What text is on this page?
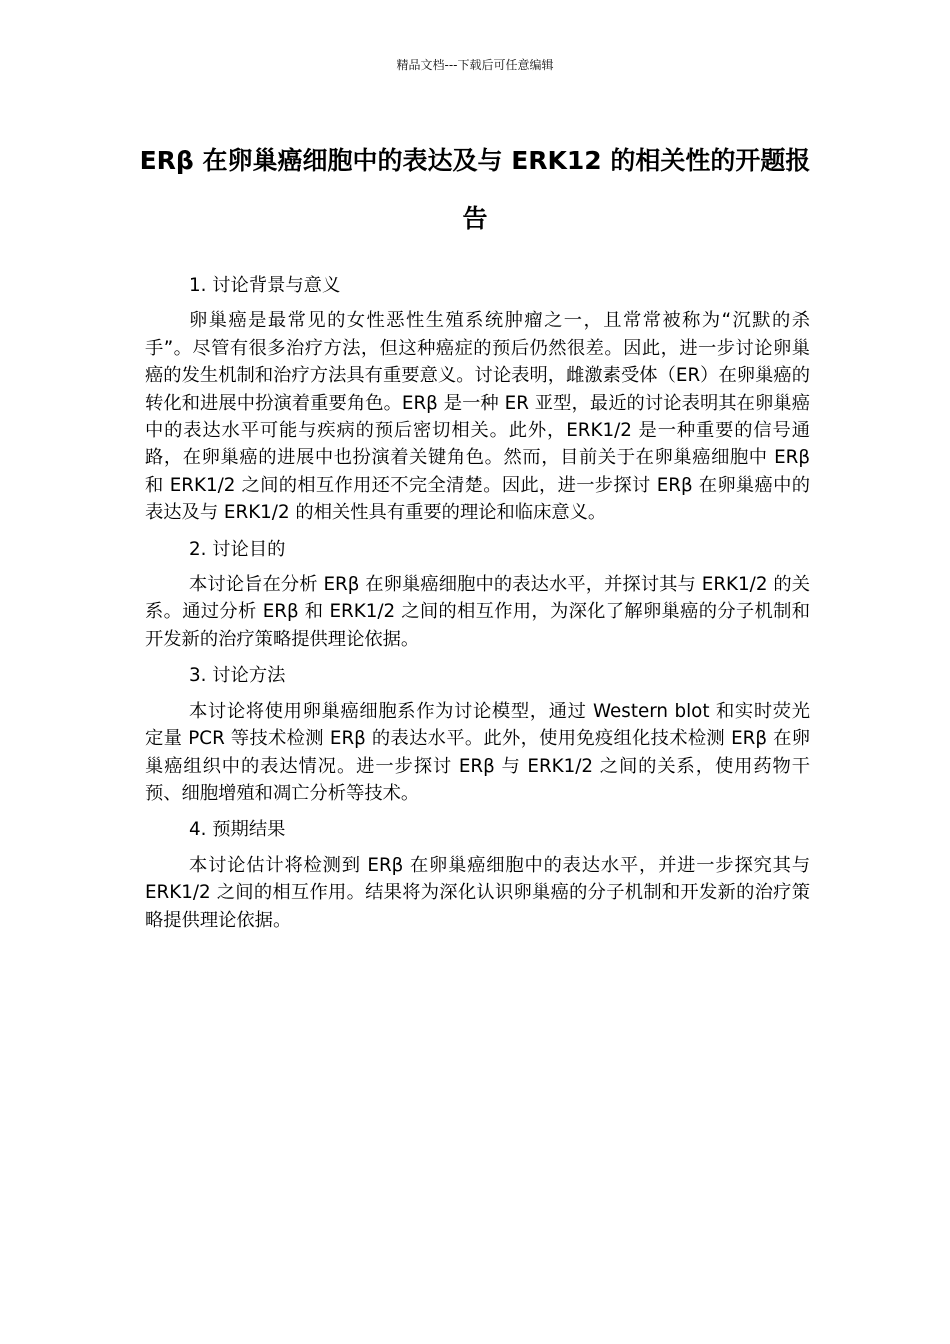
精品文档---下载后可任意编辑
ERβ 在卵巢癌细胞中的表达及与 ERK12 的相关性的开题报告
1. 讨论背景与意义

卵巢癌是最常见的女性恶性生殖系统肿瘤之一，且常常被称为“沉默的杀手”。尽管有很多治疗方法，但这种癌症的预后仍然很差。因此，进一步讨论卵巢癌的发生机制和治疗方法具有重要意义。讨论表明，雌激素受体（ER）在卵巢癌的转化和进展中扮演着重要角色。ERβ 是一种 ER 亚型，最近的讨论表明其在卵巢癌中的表达水平可能与疾病的预后密切相关。此外，ERK1/2 是一种重要的信号通路，在卵巢癌的进展中也扮演着关键角色。然而，目前关于在卵巢癌细胞中 ERβ 和 ERK1/2 之间的相互作用还不完全清楚。因此，进一步探讨 ERβ 在卵巢癌中的表达及与 ERK1/2 的相关性具有重要的理论和临床意义。

2. 讨论目的

本讨论旨在分析 ERβ 在卵巢癌细胞中的表达水平，并探讨其与 ERK1/2 的关系。通过分析 ERβ 和 ERK1/2 之间的相互作用，为深化了解卵巢癌的分子机制和开发新的治疗策略提供理论依据。

3. 讨论方法

本讨论将使用卵巢癌细胞系作为讨论模型，通过 Western blot 和实时荧光定量 PCR 等技术检测 ERβ 的表达水平。此外，使用免疫组化技术检测 ERβ 在卵巢癌组织中的表达情况。进一步探讨 ERβ 与 ERK1/2 之间的关系，使用药物干预、细胞增殖和凋亡分析等技术。

4. 预期结果

本讨论估计将检测到 ERβ 在卵巢癌细胞中的表达水平，并进一步探究其与 ERK1/2 之间的相互作用。结果将为深化认识卵巢癌的分子机制和开发新的治疗策略提供理论依据。
